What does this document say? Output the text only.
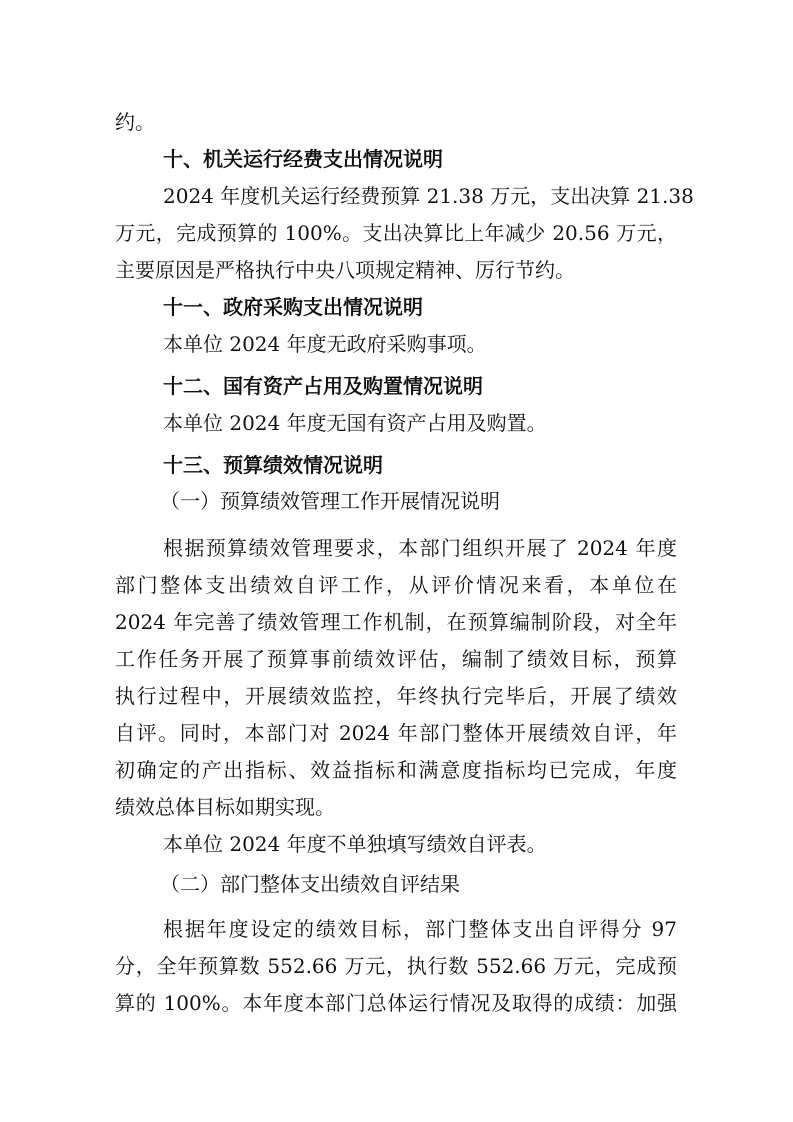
约。
十、机关运行经费支出情况说明
2024 年度机关运行经费预算 21.38 万元，支出决算 21.38
万元，完成预算的 100%。支出决算比上年减少 20.56 万元，
主要原因是严格执行中央八项规定精神、厉行节约。
十一、政府采购支出情况说明
本单位 2024 年度无政府采购事项。
十二、国有资产占用及购置情况说明
本单位 2024 年度无国有资产占用及购置。
十三、预算绩效情况说明
（一）预算绩效管理工作开展情况说明
根据预算绩效管理要求，本部门组织开展了 2024 年度
部门整体支出绩效自评工作，从评价情况来看，本单位在
2024 年完善了绩效管理工作机制，在预算编制阶段，对全年
工作任务开展了预算事前绩效评估，编制了绩效目标，预算
执行过程中，开展绩效监控，年终执行完毕后，开展了绩效
自评。同时，本部门对 2024 年部门整体开展绩效自评，年
初确定的产出指标、效益指标和满意度指标均已完成，年度
绩效总体目标如期实现。
本单位 2024 年度不单独填写绩效自评表。
（二）部门整体支出绩效自评结果
根据年度设定的绩效目标，部门整体支出自评得分 97
分，全年预算数 552.66 万元，执行数 552.66 万元，完成预
算的 100%。本年度本部门总体运行情况及取得的成绩：加强
